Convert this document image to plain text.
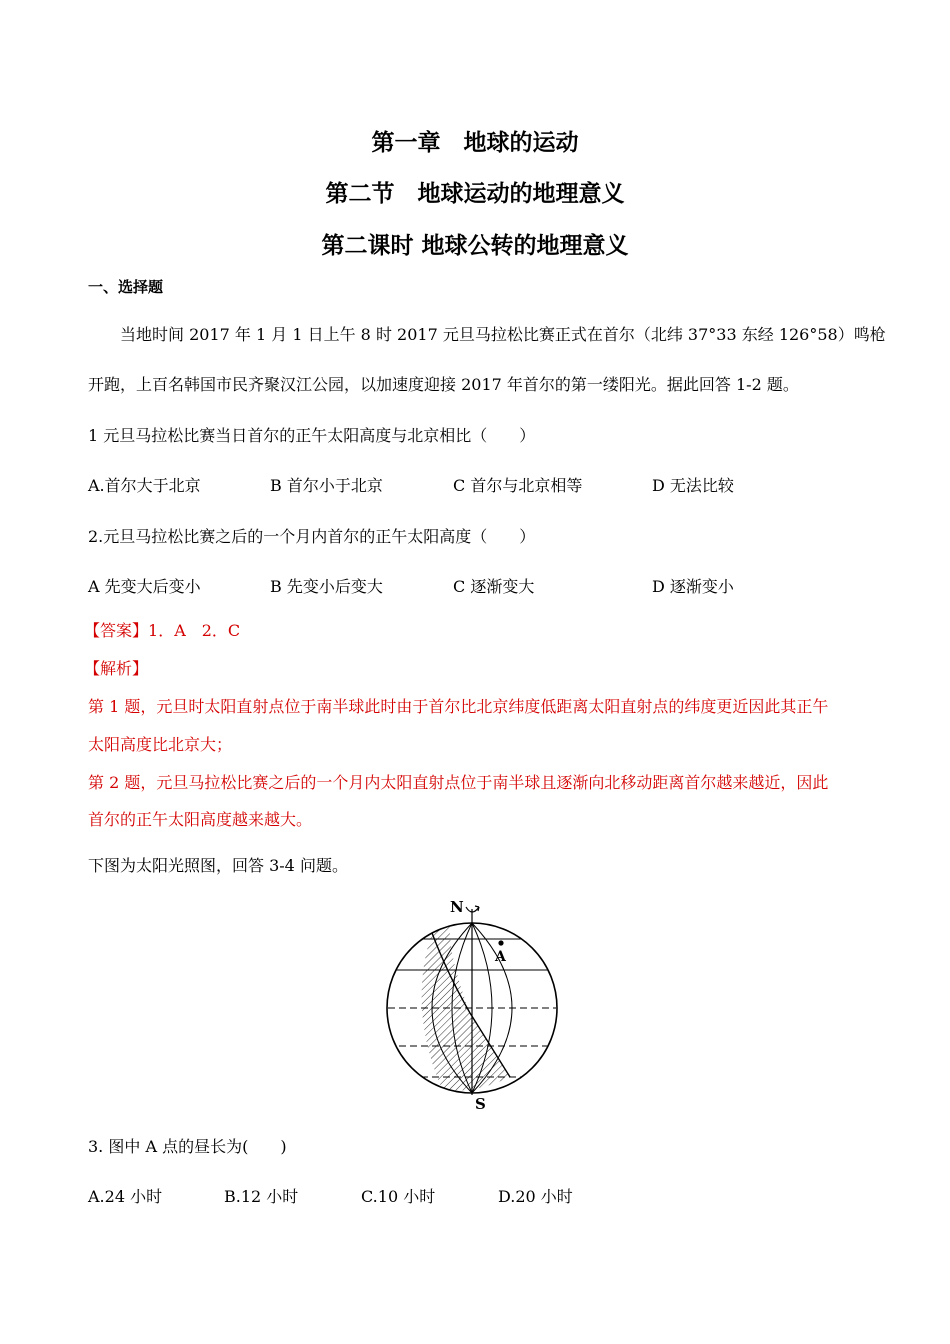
第一章　地球的运动
第二节　地球运动的地理意义
第二课时 地球公转的地理意义
一、选择题
当地时间 2017 年 1 月 1 日上午 8 时 2017 元旦马拉松比赛正式在首尔（北纬 37°33 东经 126°58）鸣枪
开跑，上百名韩国市民齐聚汉江公园，以加速度迎接 2017 年首尔的第一缕阳光。据此回答 1-2 题。
1 元旦马拉松比赛当日首尔的正午太阳高度与北京相比（　　）
A.首尔大于北京	B 首尔小于北京	C 首尔与北京相等	D 无法比较
2.元旦马拉松比赛之后的一个月内首尔的正午太阳高度（　　）
A 先变大后变小	B 先变小后变大	C 逐渐变大	D 逐渐变小
【答案】1．A　2．C
【解析】
第 1 题，元旦时太阳直射点位于南半球此时由于首尔比北京纬度低距离太阳直射点的纬度更近因此其正午
太阳高度比北京大；
第 2 题，元旦马拉松比赛之后的一个月内太阳直射点位于南半球且逐渐向北移动距离首尔越来越近，因此
首尔的正午太阳高度越来越大。
下图为太阳光照图，回答 3-4 问题。
N
A
S
3. 图中 A 点的昼长为(　　)
A.24 小时	B.12 小时	C.10 小时	D.20 小时
